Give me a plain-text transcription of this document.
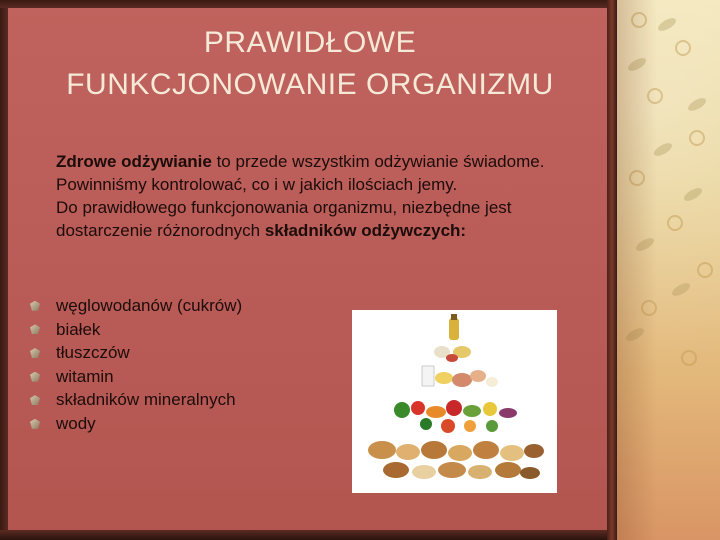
PRAWIDŁOWE
FUNKCJONOWANIE ORGANIZMU

Zdrowe odżywianie to przede wszystkim odżywianie świadome. Powinniśmy kontrolować, co i w jakich ilościach jemy.

Do prawidłowego funkcjonowania organizmu, niezbędne jest dostarczenie różnorodnych składników odżywczych:

węglowodanów (cukrów)
białek
tłuszczów
witamin
składników mineralnych
wody
